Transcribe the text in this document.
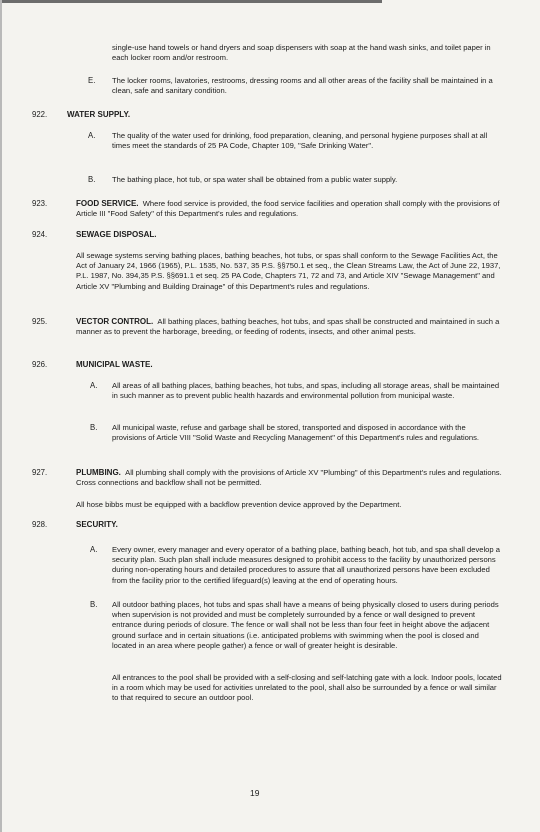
single-use hand towels or hand dryers and soap dispensers with soap at the hand wash sinks, and toilet paper in each locker room and/or restroom.

E. The locker rooms, lavatories, restrooms, dressing rooms and all other areas of the facility shall be maintained in a clean, safe and sanitary condition.

922. WATER SUPPLY.
A. The quality of the water used for drinking, food preparation, cleaning, and personal hygiene purposes shall at all times meet the standards of 25 PA Code, Chapter 109, "Safe Drinking Water".

B. The bathing place, hot tub, or spa water shall be obtained from a public water supply.

923.	FOOD SERVICE. Where food service is provided, the food service facilities and operation shall comply with the provisions of Article III "Food Safety" of this Department's rules and regulations.

924.	SEWAGE DISPOSAL.

All sewage systems serving bathing places, bathing beaches, hot tubs, or spas shall conform to the Sewage Facilities Act, the Act of January 24, 1966 (1965), P.L. 1535, No. 537, 35 P.S. §§750.1 et seq., the Clean Streams Law, the Act of June 22, 1937, P.L. 1987, No. 394,35 P.S. §§691.1 et seq. 25 PA Code, Chapters 71, 72 and 73, and Article XIV "Sewage Management" and Article XV "Plumbing and Building Drainage" of this Department's rules and regulations.

925.	VECTOR CONTROL. All bathing places, bathing beaches, hot tubs, and spas shall be constructed and maintained in such a manner as to prevent the harborage, breeding, or feeding of rodents, insects, and other animal pests.

926.	MUNICIPAL WASTE.
A. All areas of all bathing places, bathing beaches, hot tubs, and spas, including all storage areas, shall be maintained in such manner as to prevent public health hazards and environmental pollution from municipal waste.

B. All municipal waste, refuse and garbage shall be stored, transported and disposed in accordance with the provisions of Article VIII "Solid Waste and Recycling Management" of this Department's rules and regulations.

927.	PLUMBING. All plumbing shall comply with the provisions of Article XV "Plumbing" of this Department's rules and regulations. Cross connections and backflow shall not be permitted.

All hose bibbs must be equipped with a backflow prevention device approved by the Department.

928.	SECURITY.
A. Every owner, every manager and every operator of a bathing place, bathing beach, hot tub, and spa shall develop a security plan. Such plan shall include measures designed to prohibit access to the facility by unauthorized persons during non-operating hours and detailed procedures to assure that all unauthorized persons have been excluded from the facility prior to the certified lifeguard(s) leaving at the end of operating hours.

B. All outdoor bathing places, hot tubs and spas shall have a means of being physically closed to users during periods when supervision is not provided and must be completely surrounded by a fence or wall designed to prevent entrance during periods of closure. The fence or wall shall not be less than four feet in height above the adjacent ground surface and in certain situations (i.e. anticipated problems with swimming when the pool is closed and located in an area where people gather) a fence or wall of greater height is desirable.

All entrances to the pool shall be provided with a self-closing and self-latching gate with a lock. Indoor pools, located in a room which may be used for activities unrelated to the pool, shall also be surrounded by a fence or wall similar to that required to secure an outdoor pool.

19
